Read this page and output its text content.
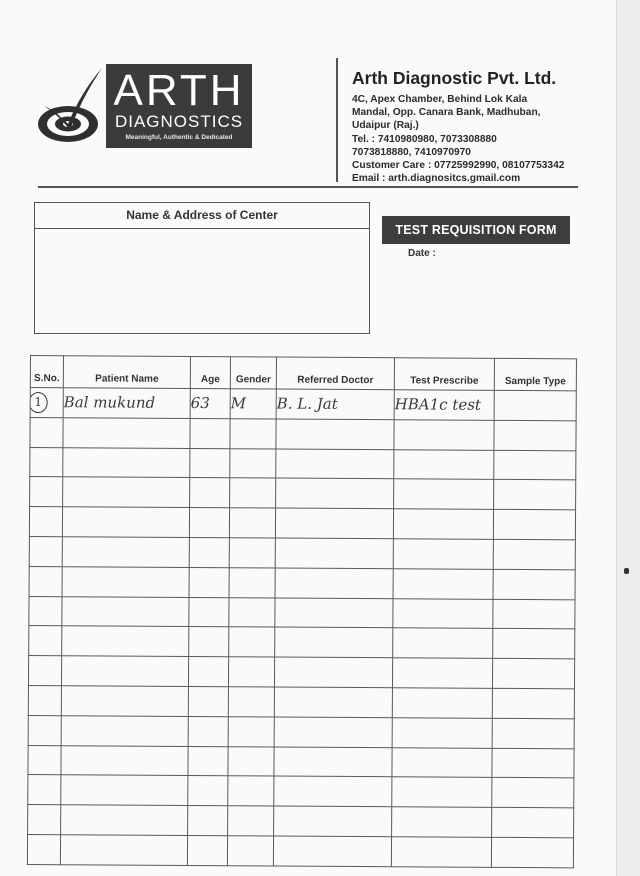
ARTH
DIAGNOSTICS
Meaningful, Authentic & Dedicated
Arth Diagnostic Pvt. Ltd.
4C, Apex Chamber, Behind Lok Kala
Mandal, Opp. Canara Bank, Madhuban,
Udaipur (Raj.)
Tel. : 7410980980, 7073308880
7073818880, 7410970970
Customer Care : 07725992990, 08107753342
Email : arth.diagnositcs.gmail.com
Name & Address of Center
TEST REQUISITION FORM
Date :
S.No.	Patient Name	Age	Gender	Referred Doctor	Test Prescribe	Sample Type
1	Bal mukund	63	M	B. L. Jat	HBA1c test	
